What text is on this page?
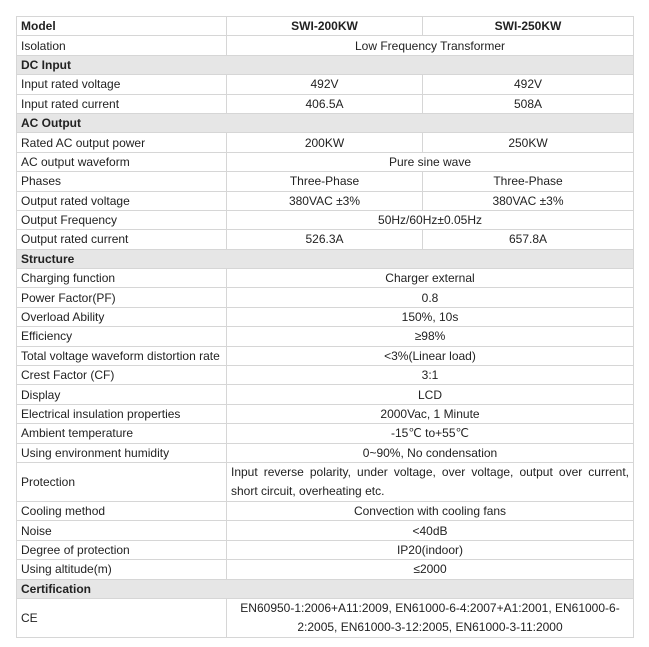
Model	SWI-200KW	SWI-250KW
Isolation	Low Frequency Transformer	
DC Input		
Input rated voltage	492V	492V
Input rated current	406.5A	508A
AC Output		
Rated AC output power	200KW	250KW
AC output waveform	Pure sine wave	
Phases	Three-Phase	Three-Phase
Output rated voltage	380VAC ±3%	380VAC ±3%
Output Frequency	50Hz/60Hz±0.05Hz	
Output rated current	526.3A	657.8A
Structure		
Charging function	Charger external	
Power Factor(PF)	0.8	
Overload Ability	150%, 10s	
Efficiency	≥98%	
Total voltage waveform distortion rate	<3%(Linear load)	
Crest Factor (CF)	3:1	
Display	LCD	
Electrical insulation properties	2000Vac, 1 Minute	
Ambient temperature	-15℃ to+55℃	
Using environment humidity	0~90%, No condensation	
Protection	Input reverse polarity, under voltage, over voltage, output over current, short circuit, overheating etc.	
Cooling method	Convection with cooling fans	
Noise	<40dB	
Degree of protection	IP20(indoor)	
Using altitude(m)	≤2000	
Certification		
CE	EN60950-1:2006+A11:2009, EN61000-6-4:2007+A1:2001, EN61000-6-2:2005, EN61000-3-12:2005, EN61000-3-11:2000	
